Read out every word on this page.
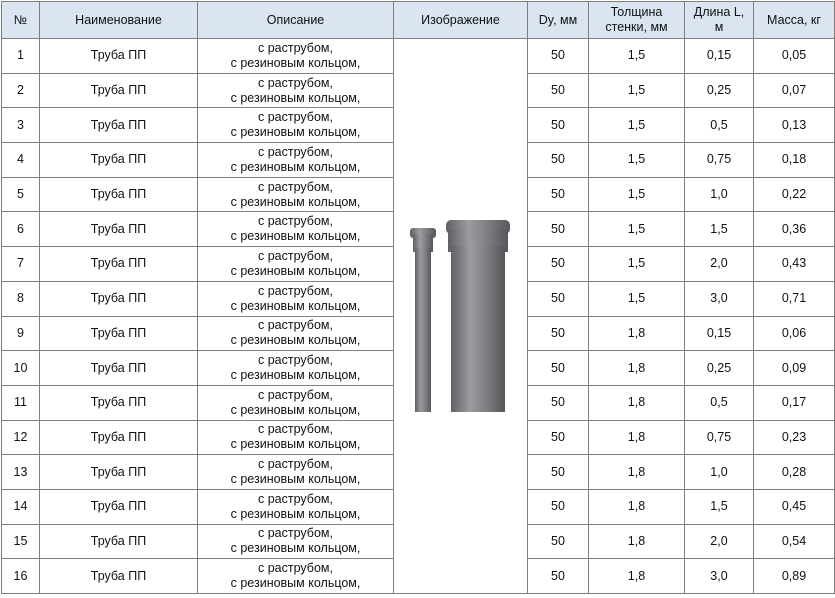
№	Наименование	Описание	Изображение	Dy, мм	Толщина
стенки, мм	Длина L,
м	Масса, кг
1	Труба ПП	с раструбом,
с резиновым кольцом,		50	1,5	0,15	0,05
2	Труба ПП	с раструбом,
с резиновым кольцом,		50	1,5	0,25	0,07
3	Труба ПП	с раструбом,
с резиновым кольцом,		50	1,5	0,5	0,13
4	Труба ПП	с раструбом,
с резиновым кольцом,		50	1,5	0,75	0,18
5	Труба ПП	с раструбом,
с резиновым кольцом,		50	1,5	1,0	0,22
6	Труба ПП	с раструбом,
с резиновым кольцом,		50	1,5	1,5	0,36
7	Труба ПП	с раструбом,
с резиновым кольцом,		50	1,5	2,0	0,43
8	Труба ПП	с раструбом,
с резиновым кольцом,		50	1,5	3,0	0,71
9	Труба ПП	с раструбом,
с резиновым кольцом,		50	1,8	0,15	0,06
10	Труба ПП	с раструбом,
с резиновым кольцом,		50	1,8	0,25	0,09
11	Труба ПП	с раструбом,
с резиновым кольцом,		50	1,8	0,5	0,17
12	Труба ПП	с раструбом,
с резиновым кольцом,		50	1,8	0,75	0,23
13	Труба ПП	с раструбом,
с резиновым кольцом,		50	1,8	1,0	0,28
14	Труба ПП	с раструбом,
с резиновым кольцом,		50	1,8	1,5	0,45
15	Труба ПП	с раструбом,
с резиновым кольцом,		50	1,8	2,0	0,54
16	Труба ПП	с раструбом,
с резиновым кольцом,		50	1,8	3,0	0,89
